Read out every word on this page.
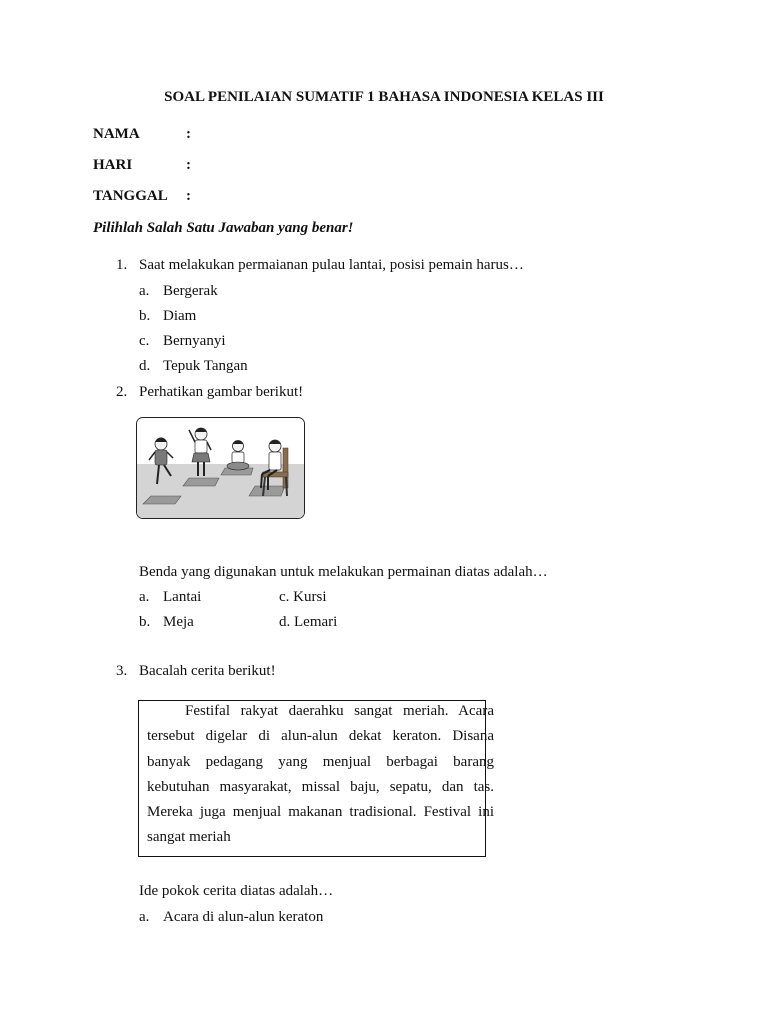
SOAL PENILAIAN SUMATIF 1 BAHASA INDONESIA KELAS III
NAMA	:
HARI	:
TANGGAL :
Pilihlah Salah Satu Jawaban yang benar!
1. Saat melakukan permaianan pulau lantai, posisi pemain harus…
a. Bergerak
b. Diam
c. Bernyanyi
d. Tepuk Tangan
2. Perhatikan gambar berikut!
Benda yang digunakan untuk melakukan permainan diatas adalah…
a. Lantai	c. Kursi
b. Meja	d. Lemari
3. Bacalah cerita berikut!
Festifal rakyat daerahku sangat meriah. Acara tersebut digelar di alun-alun dekat keraton. Disana banyak pedagang yang menjual berbagai barang kebutuhan masyarakat, missal baju, sepatu, dan tas. Mereka juga menjual makanan tradisional. Festival ini sangat meriah
Ide pokok cerita diatas adalah…
a. Acara di alun-alun keraton
